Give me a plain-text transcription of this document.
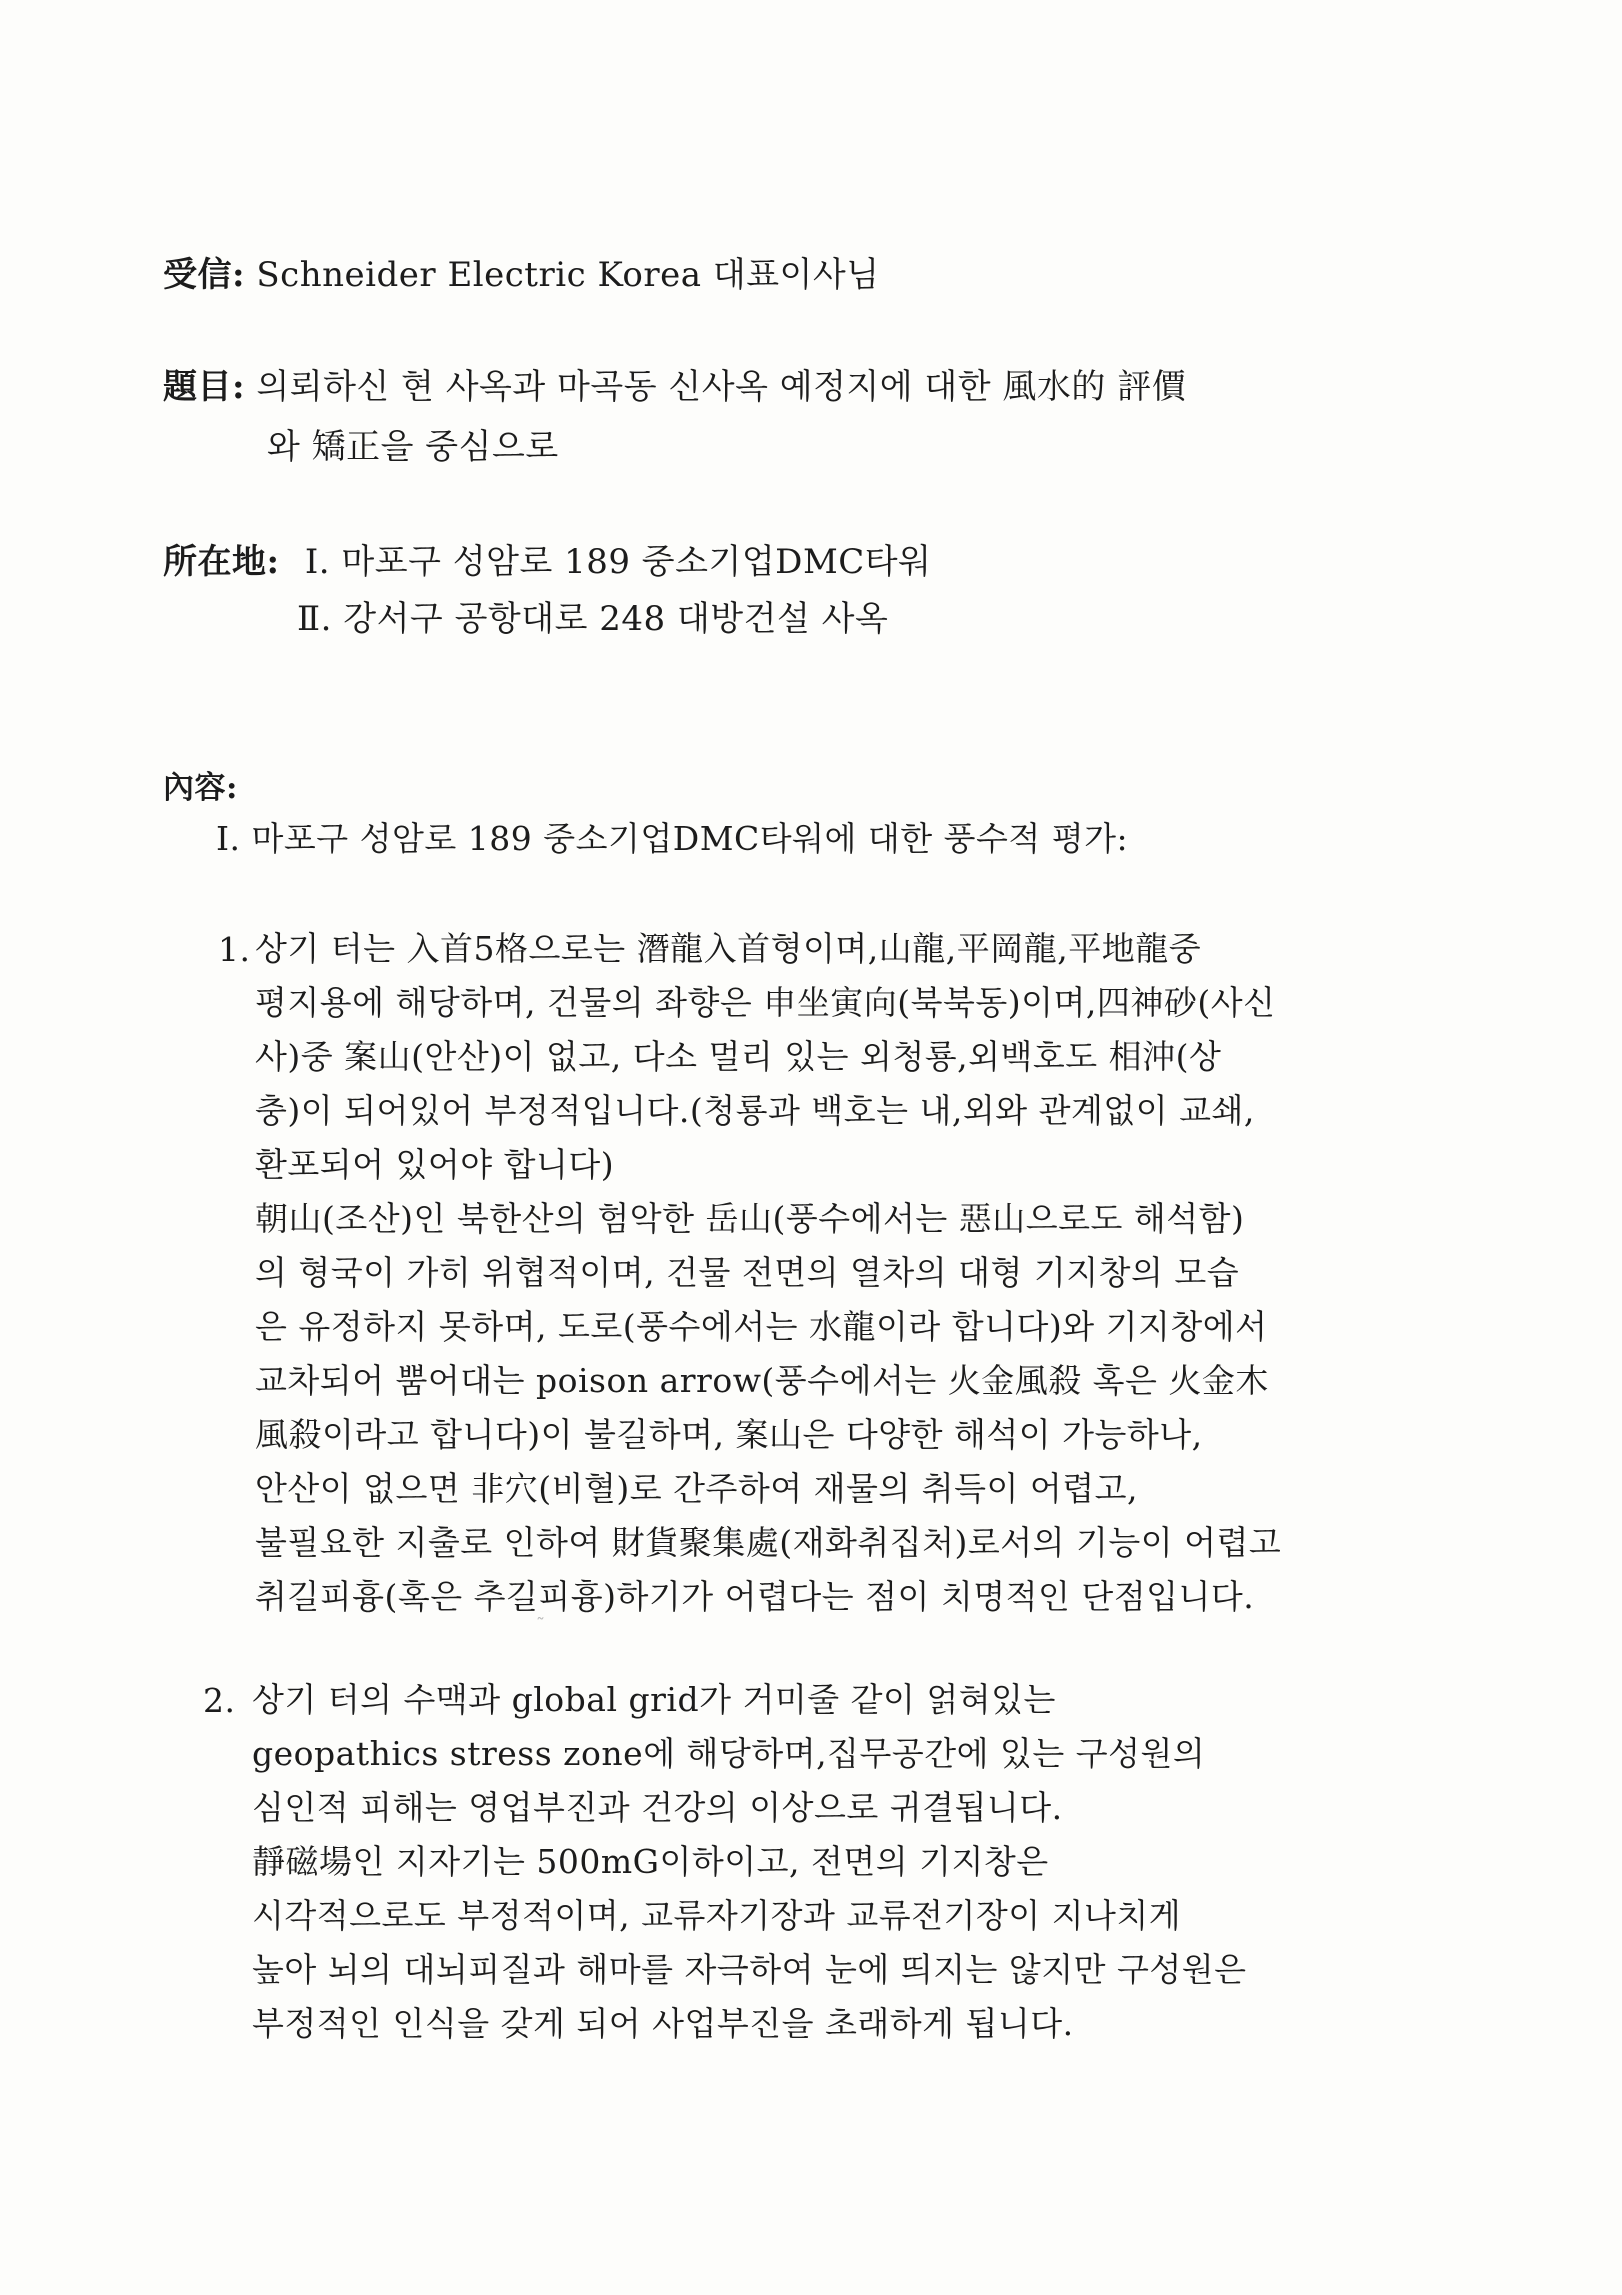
受信: Schneider Electric Korea 대표이사님
題目: 의뢰하신 현 사옥과 마곡동 신사옥 예정지에 대한 風水的 評價
와 矯正을 중심으로
所在地: Ⅰ. 마포구 성암로 189 중소기업DMC타워
Ⅱ. 강서구 공항대로 248 대방건설 사옥
內容:
Ⅰ. 마포구 성암로 189 중소기업DMC타워에 대한 풍수적 평가:
1. 상기 터는 入首5格으로는 潛龍入首형이며,山龍,平岡龍,平地龍중
평지용에 해당하며, 건물의 좌향은 申坐寅向(북북동)이며,四神砂(사신
사)중 案山(안산)이 없고, 다소 멀리 있는 외청룡,외백호도 相沖(상
충)이 되어있어 부정적입니다.(청룡과 백호는 내,외와 관계없이 교쇄,
환포되어 있어야 합니다)
朝山(조산)인 북한산의 험악한 岳山(풍수에서는 惡山으로도 해석함)
의 형국이 가히 위협적이며, 건물 전면의 열차의 대형 기지창의 모습
은 유정하지 못하며, 도로(풍수에서는 水龍이라 합니다)와 기지창에서
교차되어 뿜어대는 poison arrow(풍수에서는 火金風殺 혹은 火金木
風殺이라고 합니다)이 불길하며, 案山은 다양한 해석이 가능하나,
안산이 없으면 非穴(비혈)로 간주하여 재물의 취득이 어렵고,
불필요한 지출로 인하여 財貨聚集處(재화취집처)로서의 기능이 어렵고
취길피흉(혹은 추길피흉)하기가 어렵다는 점이 치명적인 단점입니다.
2. 상기 터의 수맥과 global grid가 거미줄 같이 얽혀있는
geopathics stress zone에 해당하며,집무공간에 있는 구성원의
심인적 피해는 영업부진과 건강의 이상으로 귀결됩니다.
靜磁場인 지자기는 500mG이하이고, 전면의 기지창은
시각적으로도 부정적이며, 교류자기장과 교류전기장이 지나치게
높아 뇌의 대뇌피질과 해마를 자극하여 눈에 띄지는 않지만 구성원은
부정적인 인식을 갖게 되어 사업부진을 초래하게 됩니다.
˜
